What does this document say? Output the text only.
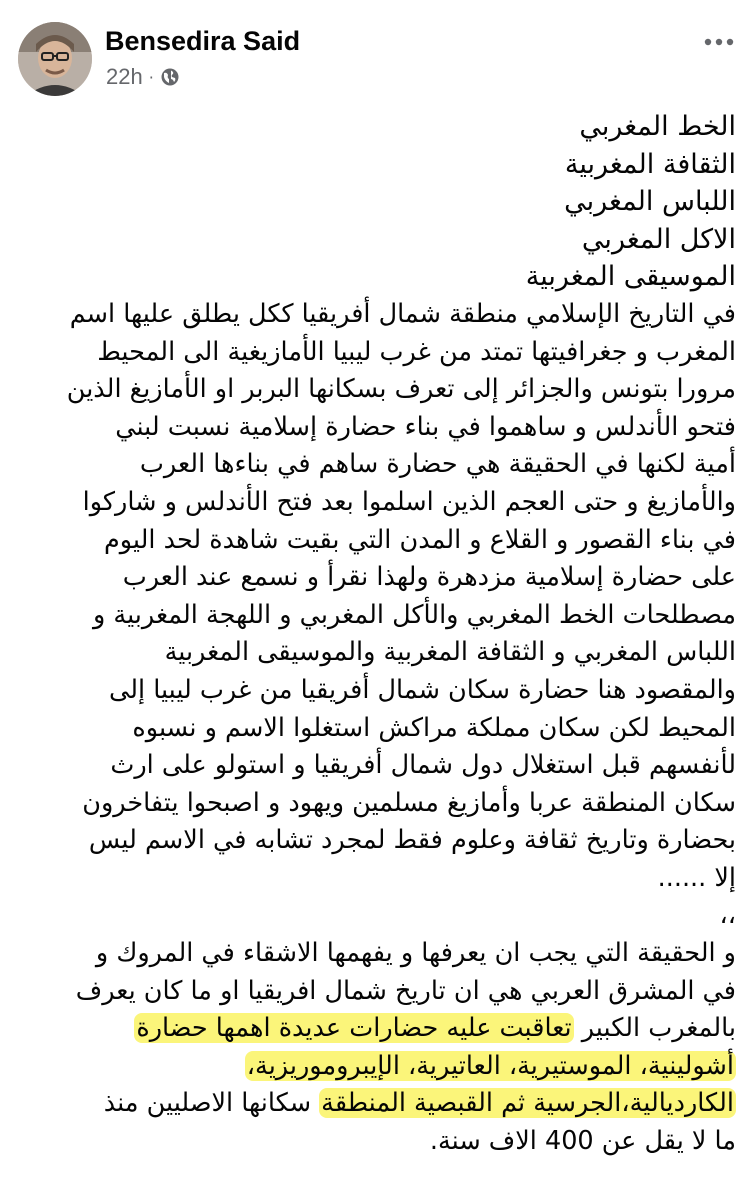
Bensedira Said
22h ·
الخط المغربي
الثقافة المغربية
اللباس المغربي
الاكل المغربي
الموسيقى المغربية
في التاريخ الإسلامي منطقة شمال أفريقيا ككل يطلق عليها اسم
المغرب و جغرافيتها تمتد من غرب ليبيا الأمازيغية الى المحيط
مرورا بتونس والجزائر إلى تعرف بسكانها البربر او الأمازيغ الذين
فتحو الأندلس و ساهموا في بناء حضارة إسلامية نسبت لبني
أمية لكنها في الحقيقة هي حضارة ساهم في بناءها العرب
والأمازيغ و حتى العجم الذين اسلموا بعد فتح الأندلس و شاركوا
في بناء القصور و القلاع و المدن التي بقيت شاهدة لحد اليوم
على حضارة إسلامية مزدهرة ولهذا نقرأ و نسمع عند العرب
مصطلحات الخط المغربي والأكل المغربي و اللهجة المغربية و
اللباس المغربي و الثقافة المغربية والموسيقى المغربية
والمقصود هنا حضارة سكان شمال أفريقيا من غرب ليبيا إلى
المحيط لكن سكان مملكة مراكش استغلوا الاسم و نسبوه
لأنفسهم قبل استغلال دول شمال أفريقيا و استولو على ارث
سكان المنطقة عربا وأمازيغ مسلمين ويهود و اصبحوا يتفاخرون
بحضارة وتاريخ ثقافة وعلوم فقط لمجرد تشابه في الاسم ليس
إلا ......
،،
و الحقيقة التي يجب ان يعرفها و يفهمها الاشقاء في المروك و
في المشرق العربي هي ان تاريخ شمال افريقيا او ما كان يعرف
بالمغرب الكبير تعاقبت عليه حضارات عديدة اهمها حضارة
أشولينية، الموستيرية، العاتيرية، الإيبروموريزية،
الكارديالية،الجرسية ثم القبصية المنطقة سكانها الاصليين منذ
ما لا يقل عن 400 الاف سنة.
